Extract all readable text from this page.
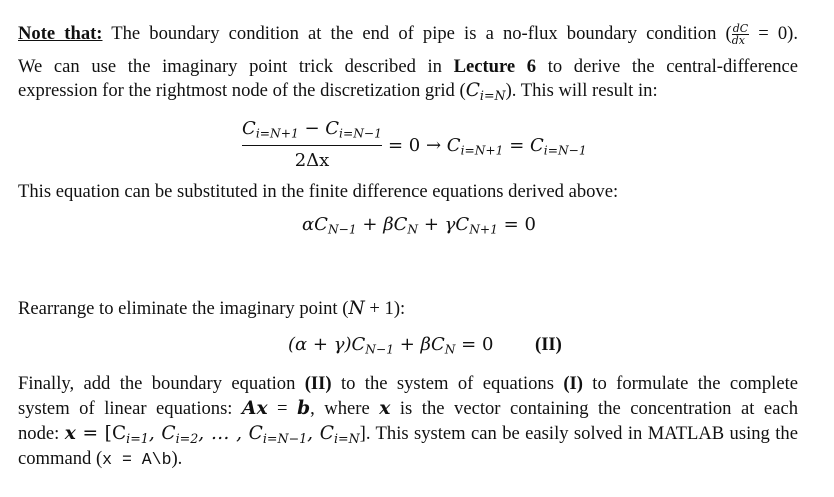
Note that: The boundary condition at the end of pipe is a no-flux boundary condition ( $\frac{dC}{dx} = 0$).
We can use the imaginary point trick described in Lecture 6 to derive the central-difference
expression for the rightmost node of the discretization grid $(C_{i=N})$. This will result in:
$C_{i=N+1} - C_{i=N-1}$
2Δx
= $0 \to C_{i=N+1} = C_{i=N-1}$
This equation can be substituted in the finite difference equations derived above:
$\alpha C_{N-1} + \beta C_N + \gamma C_{N+1} = 0$
Rearrange to eliminate the imaginary point (N + 1):
$(\alpha + \gamma)C_{N-1} + \beta C_N = 0$ (II)
Finally, add the boundary equation (II) to the system of equations (I) to formulate the complete
system of linear equations: Ax = b, where x is the vector containing the concentration at each
node: $x = [C_{i=1}$, $C_{i=2}$, … , $C_{i=N-1}$, $C_{i=N}$]. This system can be easily solved in MATLAB using the
command (x = A\b).
